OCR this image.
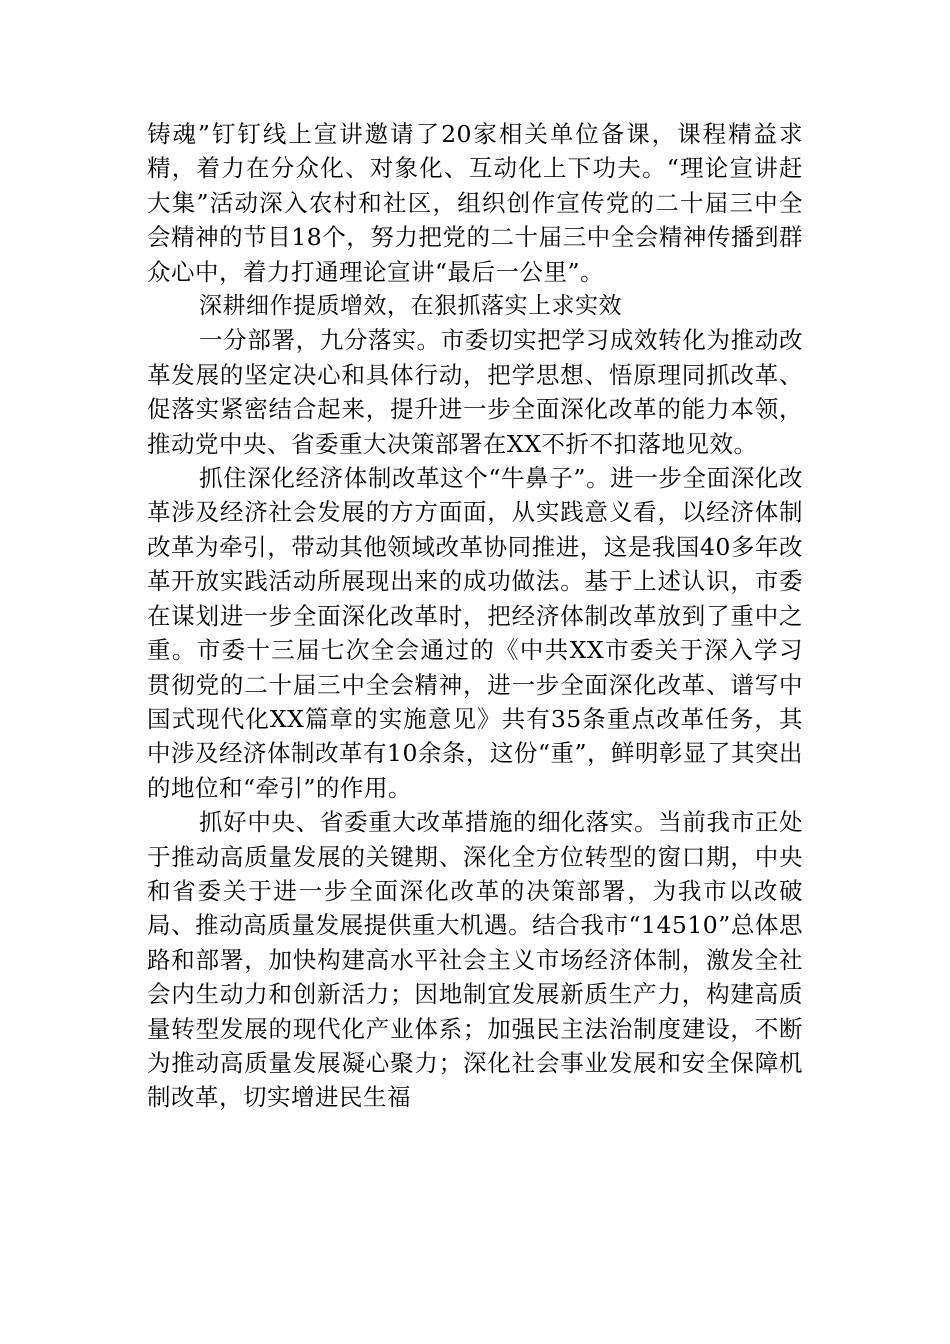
铸魂”钉钉线上宣讲邀请了20家相关单位备课，课程精益求精，着力在分众化、对象化、互动化上下功夫。“理论宣讲赶大集”活动深入农村和社区，组织创作宣传党的二十届三中全会精神的节目18个，努力把党的二十届三中全会精神传播到群众心中，着力打通理论宣讲“最后一公里”。

深耕细作提质增效，在狠抓落实上求实效

一分部署，九分落实。市委切实把学习成效转化为推动改革发展的坚定决心和具体行动，把学思想、悟原理同抓改革、促落实紧密结合起来，提升进一步全面深化改革的能力本领，推动党中央、省委重大决策部署在XX不折不扣落地见效。

抓住深化经济体制改革这个“牛鼻子”。进一步全面深化改革涉及经济社会发展的方方面面，从实践意义看，以经济体制改革为牵引，带动其他领域改革协同推进，这是我国40多年改革开放实践活动所展现出来的成功做法。基于上述认识，市委在谋划进一步全面深化改革时，把经济体制改革放到了重中之重。市委十三届七次全会通过的《中共XX市委关于深入学习贯彻党的二十届三中全会精神，进一步全面深化改革、谱写中国式现代化XX篇章的实施意见》共有35条重点改革任务，其中涉及经济体制改革有10余条，这份“重”，鲜明彰显了其突出的地位和“牵引”的作用。

抓好中央、省委重大改革措施的细化落实。当前我市正处于推动高质量发展的关键期、深化全方位转型的窗口期，中央和省委关于进一步全面深化改革的决策部署，为我市以改破局、推动高质量发展提供重大机遇。结合我市“14510”总体思路和部署，加快构建高水平社会主义市场经济体制，激发全社会内生动力和创新活力；因地制宜发展新质生产力，构建高质量转型发展的现代化产业体系；加强民主法治制度建设，不断为推动高质量发展凝心聚力；深化社会事业发展和安全保障机制改革，切实增进民生福
